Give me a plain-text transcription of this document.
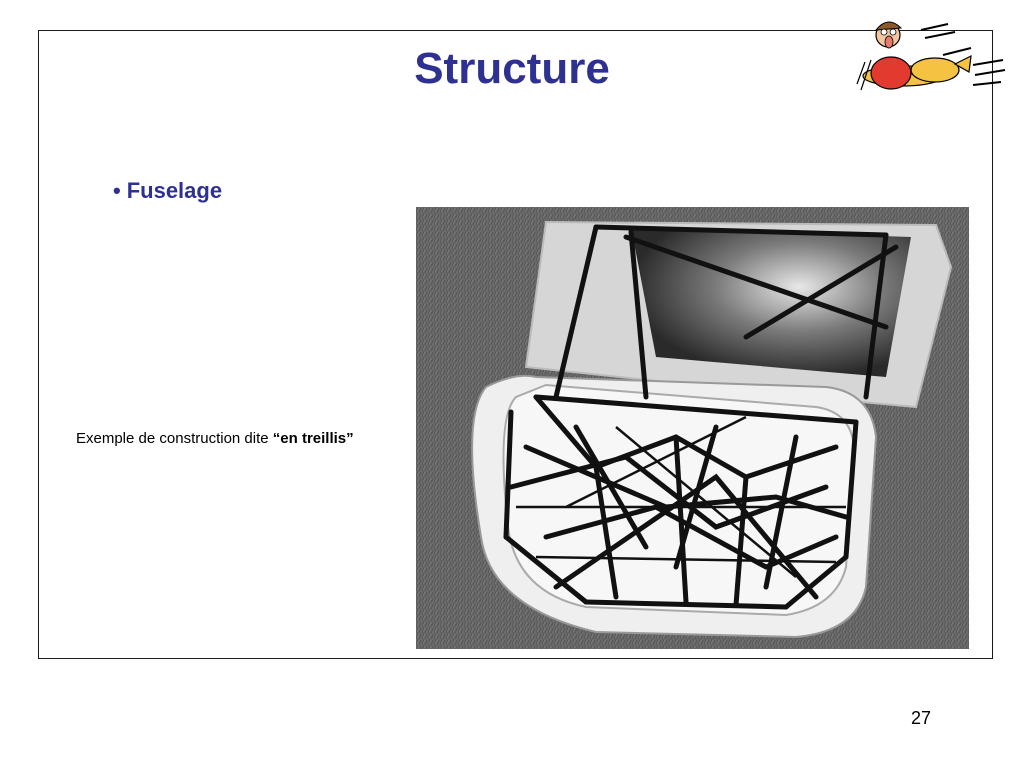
Structure
• Fuselage
Exemple de construction dite “en treillis”
27
